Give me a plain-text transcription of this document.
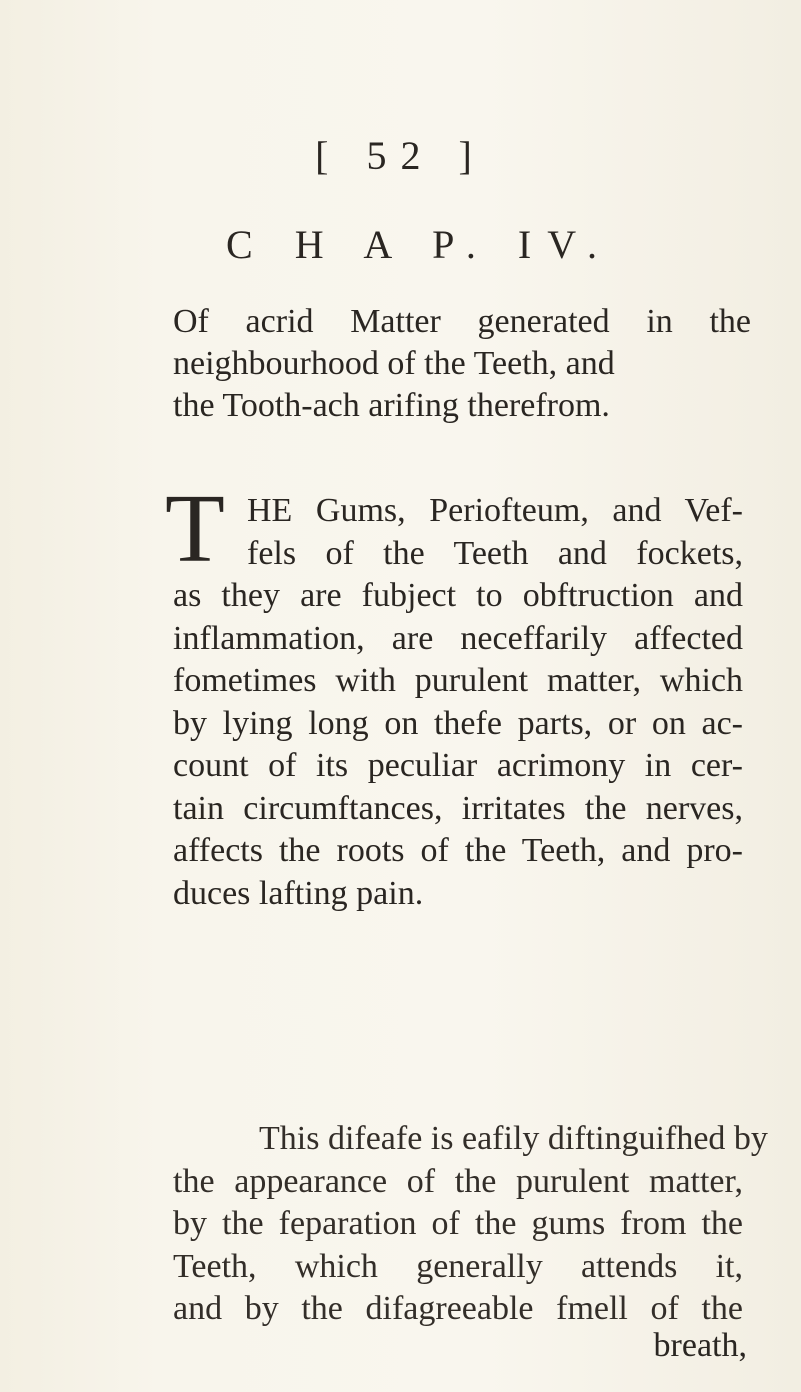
[ 52 ]
C H A P. IV.
Of acrid Matter generated in the
neighbourhood of the Teeth, and
the Tooth-ach arifing therefrom.
T HE Gums, Periofteum, and Vef-
fels of the Teeth and fockets,
as they are fubject to obftruction and
inflammation, are neceffarily affected
fometimes with purulent matter, which
by lying long on thefe parts, or on ac-
count of its peculiar acrimony in cer-
tain circumftances, irritates the nerves,
affects the roots of the Teeth, and pro-
duces lafting pain.
This difeafe is eafily diftinguifhed by
the appearance of the purulent matter,
by the feparation of the gums from the
Teeth, which generally attends it,
and by the difagreeable fmell of the
breath,
